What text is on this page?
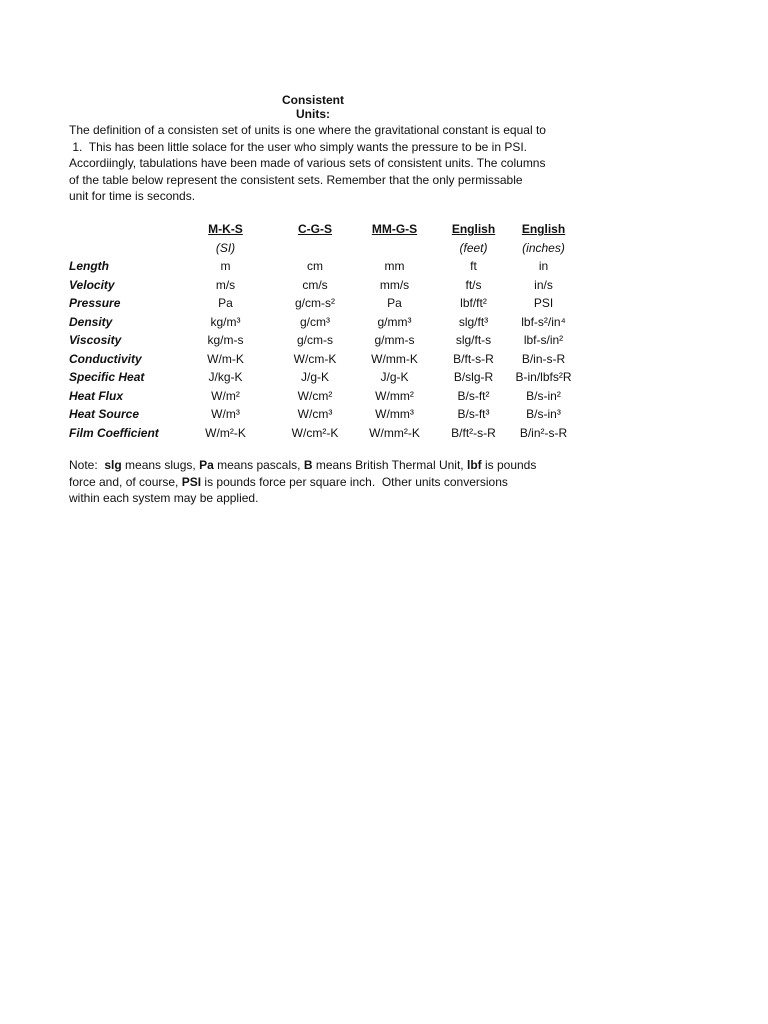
Consistent
Units:
The definition of a consisten set of units is one where the gravitational constant is equal to
1.  This has been little solace for the user who simply wants the pressure to be in PSI.
Accordiingly, tabulations have been made of various sets of consistent units. The columns
of the table below represent the consistent sets. Remember that the only permissable
unit for time is seconds.
	M-K-S	C-G-S	MM-G-S	English	English
	(SI)			(feet)	(inches)
Length	m	cm	mm	ft	in
Velocity	m/s	cm/s	mm/s	ft/s	in/s
Pressure	Pa	g/cm-s²	Pa	lbf/ft²	PSI
Density	kg/m³	g/cm³	g/mm³	slg/ft³	lbf-s²/in⁴
Viscosity	kg/m-s	g/cm-s	g/mm-s	slg/ft-s	lbf-s/in²
Conductivity	W/m-K	W/cm-K	W/mm-K	B/ft-s-R	B/in-s-R
Specific Heat	J/kg-K	J/g-K	J/g-K	B/slg-R	B-in/lbfs²R
Heat Flux	W/m²	W/cm²	W/mm²	B/s-ft²	B/s-in²
Heat Source	W/m³	W/cm³	W/mm³	B/s-ft³	B/s-in³
Film Coefficient	W/m²-K	W/cm²-K	W/mm²-K	B/ft²-s-R	B/in²-s-R
Note:  slg means slugs, Pa means pascals, B means British Thermal Unit, lbf is pounds
force and, of course, PSI is pounds force per square inch.  Other units conversions
within each system may be applied.
